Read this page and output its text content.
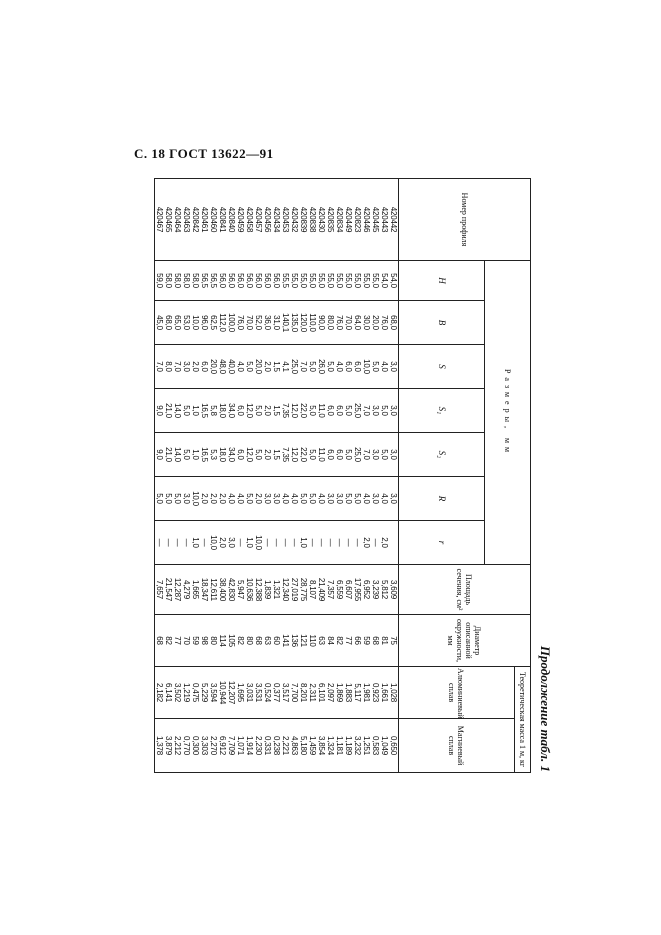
С. 18 ГОСТ 13622—91
Продолжение табл. 1
Номер профиля	Размеры, мм							Площадь сечения, см²	Диаметр описанной окружности, мм	Теоретическая масса 1 м, кг	
										Алюминиевый сплав	Магниевый сплав
	H	B	S	S₁	S₂	R	r				
420442	54,0	68,0	3,0	3,0	3,0	3,0		3,609	75	1,028	0,650
420443	54,0	76,0	4,0	5,0	5,0	4,0	2,0	5,812	81	1,661	1,049
420445	55,0	20,0	5,0	3,0	3,0	3,0	—	3,239	68	0,923	0,583
420446	55,0	30,0	10,0	7,0	7,0	4,0	2,0	6,952	59	1,981	1,251
420823	55,0	64,0	6,0	25,0	25,0	5,0	—	17,955	66	5,117	3,232
420449	55,0	70,0	6,0	5,0	5,0	5,0	—	6,607	77	1,883	1,189
420834	55,0	76,0	4,0	6,0	6,0	3,0	—	6,559	82	1,869	1,181
420835	55,0	80,0	5,0	6,0	6,0	3,0	—	7,357	84	2,097	1,324
420430	55,0	90,0	26,0	11,0	11,0	4,0	—	21,409	63	6,101	3,854
420838	55,0	110,0	5,0	5,0	5,0	5,0	—	8,107	110	2,311	1,459
420839	55,0	120,0	7,0	22,0	22,0	5,0	1,0	28,775	121	8,201	5,180
420432	55,0	135,0	25,0	12,0	12,0	4,0	—	27,019	136	7,700	4,863
420453	55,5	140,1	4,1	7,35	7,35	4,0	—	12,340	141	3,517	2,221
420434	56,0	31,0	1,5	1,5	1,5	3,0	—	1,321	60	0,377	0,238
420456	56,0	36,0	2,0	2,0	2,0	3,0	—	1,839	63	0,524	0,331
420457	56,0	52,0	20,0	5,0	5,0	2,0	10,0	12,388	68	3,531	2,230
420458	56,0	70,0	5,0	12,0	12,0	5,0	1,0	10,636	80	3,031	1,914
420459	56,0	76,0	4,0	6,0	6,0	4,0	—	5,947	82	1,695	1,071
420840	56,0	100,0	40,0	34,0	34,0	4,0	3,0	42,830	105	12,207	7,709
420841	56,0	112,0	48,0	18,0	18,0	2,0	2,0	38,400	114	10,944	6,912
420460	56,5	62,5	20,0	5,8	5,3	2,0	10,0	12,611	80	3,594	2,270
420461	56,5	96,0	6,0	16,5	16,5	2,0	—	18,347	98	5,229	3,303
420842	58,0	10,0	2,0	1,0	1,0	10,0	1,0	1,665	59	0,475	0,300
420463	58,0	53,0	3,0	5,0	5,0	3,0	—	4,279	70	1,219	0,770
420464	58,0	65,0	7,0	14,0	14,0	5,0	—	12,287	77	3,502	2,212
420465	58,0	68,0	8,0	21,0	21,0	5,0	—	21,547	82	6,141	3,879
420467	59,0	45,0	7,0	9,0	9,0	5,0	—	7,657	68	2,182	1,378
